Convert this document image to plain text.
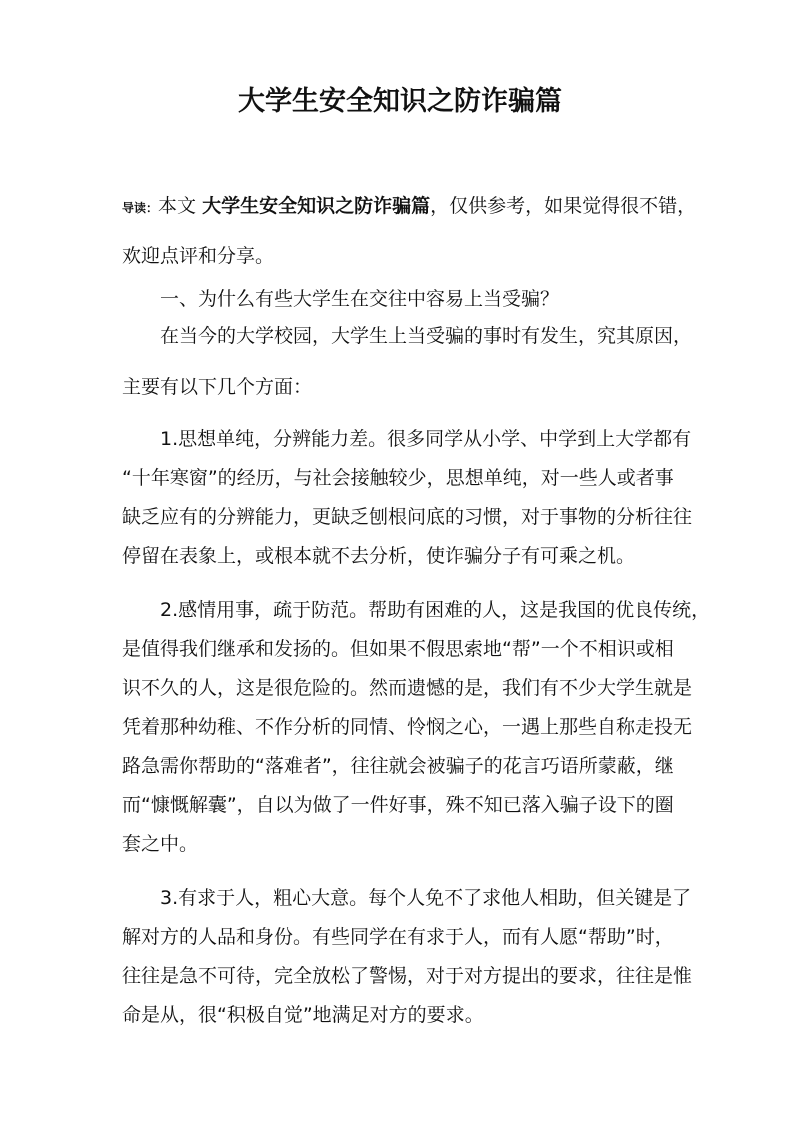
大学生安全知识之防诈骗篇
导读：本文 大学生安全知识之防诈骗篇，仅供参考，如果觉得很不错，
欢迎点评和分享。
一、为什么有些大学生在交往中容易上当受骗？
在当今的大学校园，大学生上当受骗的事时有发生，究其原因，
主要有以下几个方面：
1.思想单纯，分辨能力差。很多同学从小学、中学到上大学都有
“十年寒窗”的经历，与社会接触较少，思想单纯，对一些人或者事
缺乏应有的分辨能力，更缺乏刨根问底的习惯，对于事物的分析往往
停留在表象上，或根本就不去分析，使诈骗分子有可乘之机。
2.感情用事，疏于防范。帮助有困难的人，这是我国的优良传统，
是值得我们继承和发扬的。但如果不假思索地“帮”一个不相识或相
识不久的人，这是很危险的。然而遗憾的是，我们有不少大学生就是
凭着那种幼稚、不作分析的同情、怜悯之心，一遇上那些自称走投无
路急需你帮助的“落难者”，往往就会被骗子的花言巧语所蒙蔽，继
而“慷慨解囊”，自以为做了一件好事，殊不知已落入骗子设下的圈
套之中。
3.有求于人，粗心大意。每个人免不了求他人相助，但关键是了
解对方的人品和身份。有些同学在有求于人，而有人愿“帮助”时，
往往是急不可待，完全放松了警惕，对于对方提出的要求，往往是惟
命是从，很“积极自觉”地满足对方的要求。
